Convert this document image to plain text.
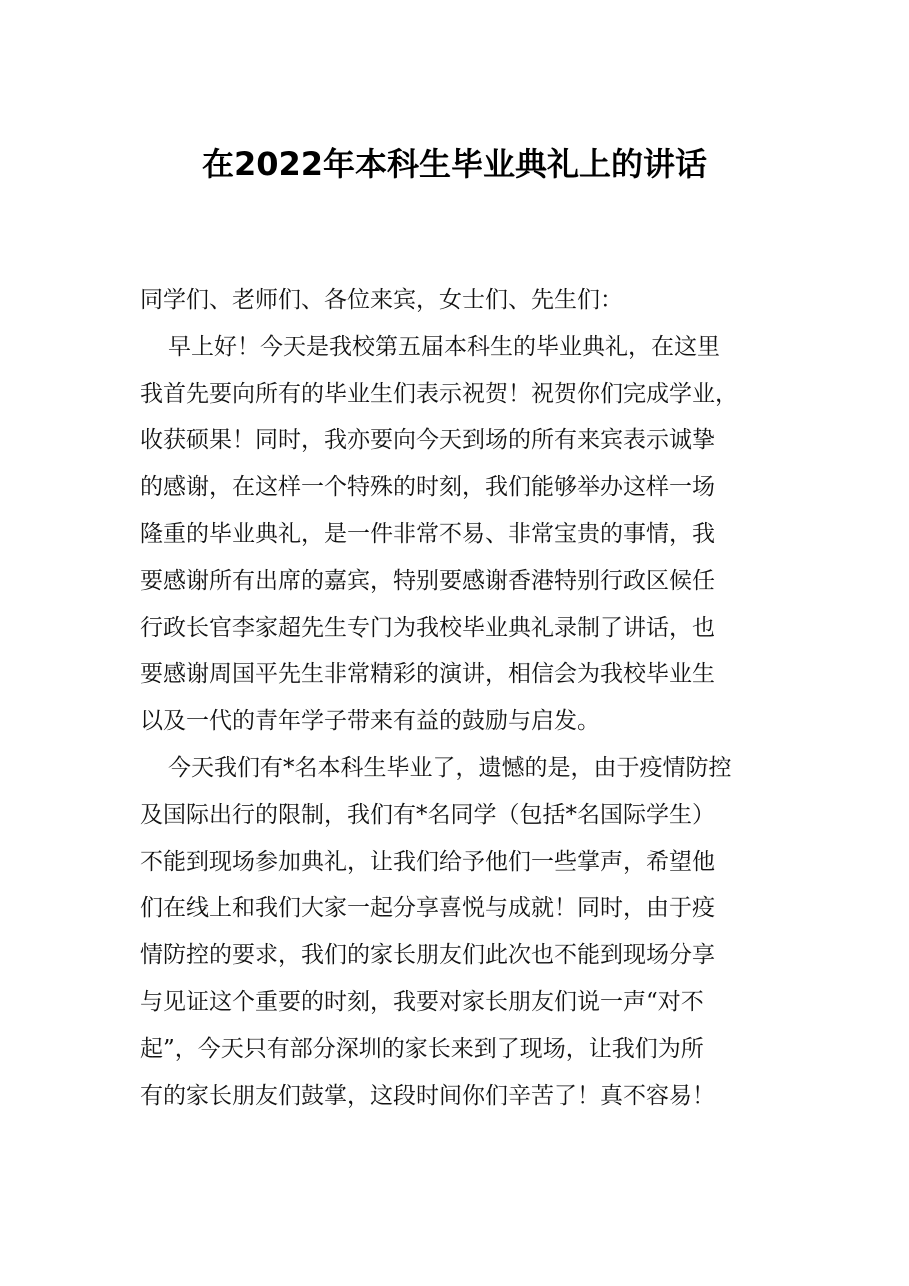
在2022年本科生毕业典礼上的讲话
同学们、老师们、各位来宾，女士们、先生们：
早上好！今天是我校第五届本科生的毕业典礼，在这里
我首先要向所有的毕业生们表示祝贺！祝贺你们完成学业，
收获硕果！同时，我亦要向今天到场的所有来宾表示诚挚
的感谢，在这样一个特殊的时刻，我们能够举办这样一场
隆重的毕业典礼，是一件非常不易、非常宝贵的事情，我
要感谢所有出席的嘉宾，特别要感谢香港特别行政区候任
行政长官李家超先生专门为我校毕业典礼录制了讲话，也
要感谢周国平先生非常精彩的演讲，相信会为我校毕业生
以及一代的青年学子带来有益的鼓励与启发。
今天我们有*名本科生毕业了，遗憾的是，由于疫情防控
及国际出行的限制，我们有*名同学（包括*名国际学生）
不能到现场参加典礼，让我们给予他们一些掌声，希望他
们在线上和我们大家一起分享喜悦与成就！同时，由于疫
情防控的要求，我们的家长朋友们此次也不能到现场分享
与见证这个重要的时刻，我要对家长朋友们说一声“对不
起”，今天只有部分深圳的家长来到了现场，让我们为所
有的家长朋友们鼓掌，这段时间你们辛苦了！真不容易！
